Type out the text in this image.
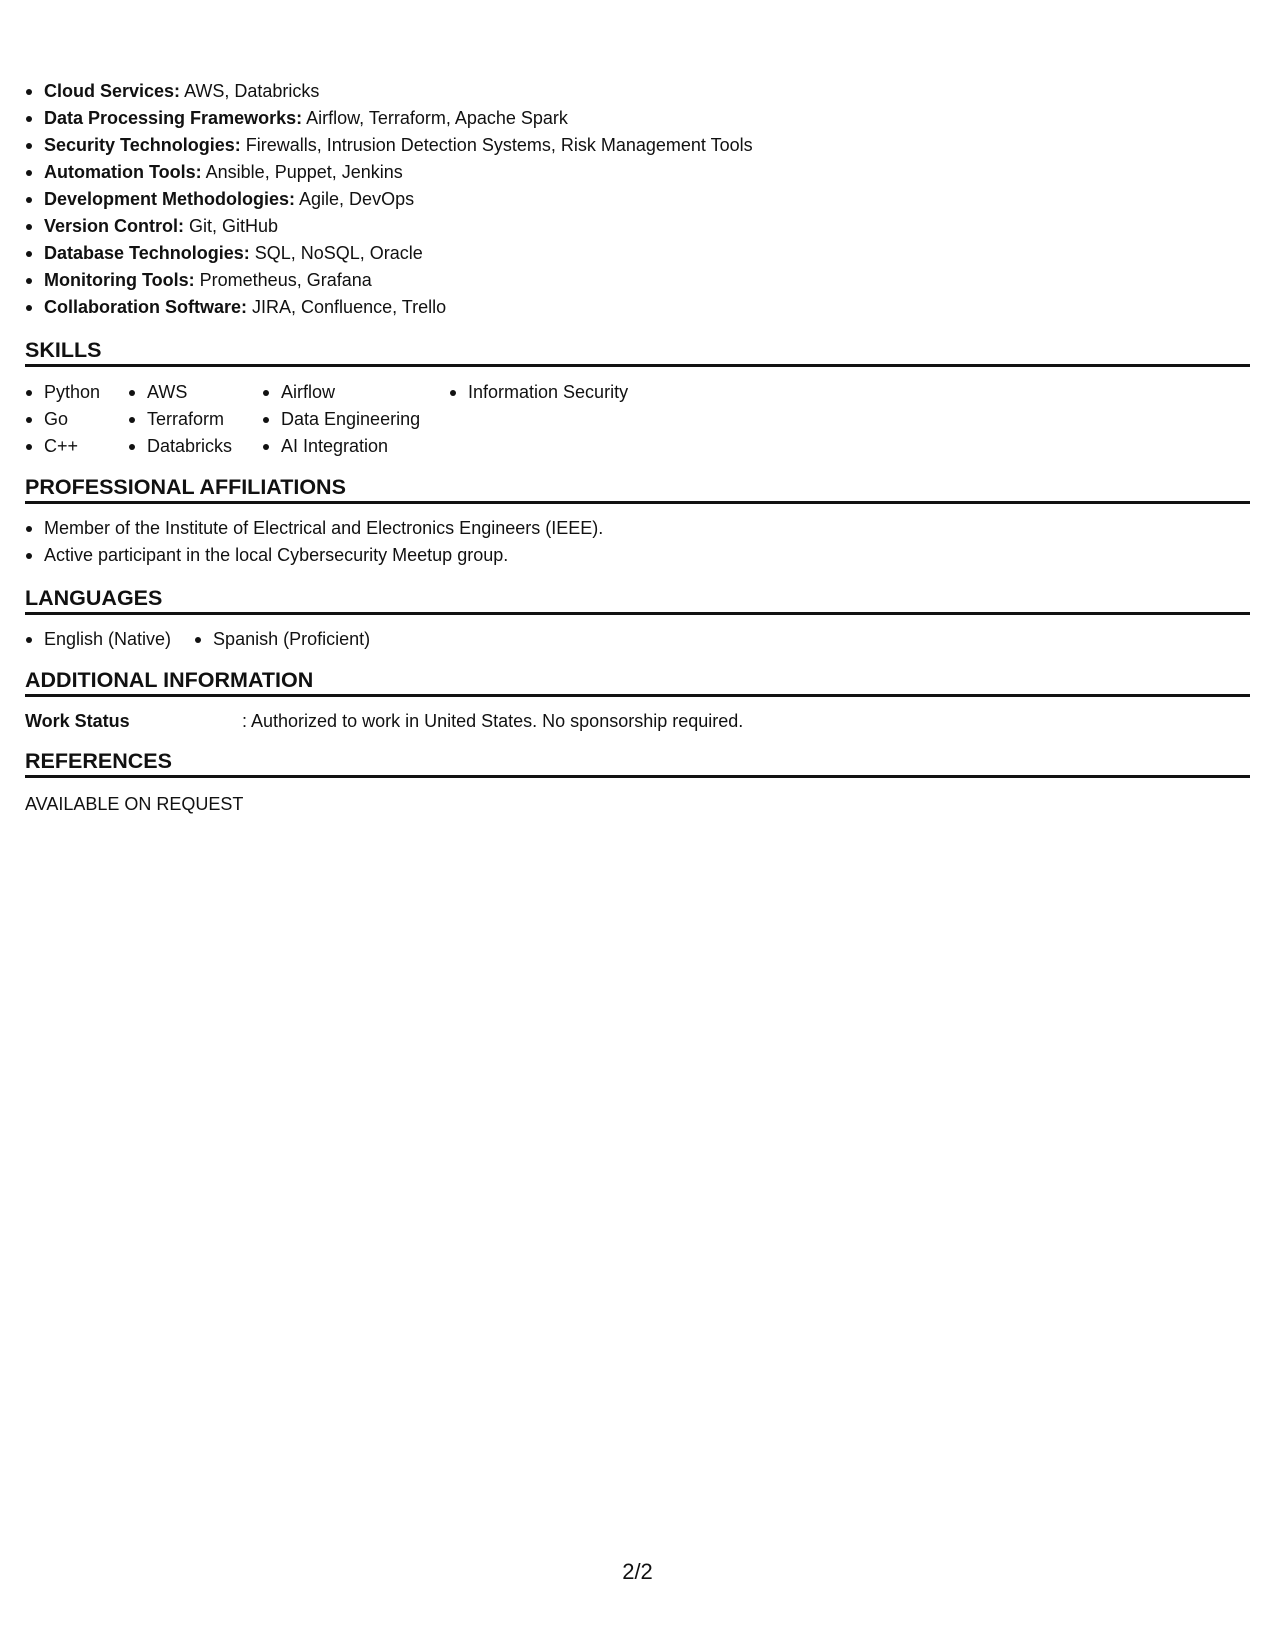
Cloud Services: AWS, Databricks
Data Processing Frameworks: Airflow, Terraform, Apache Spark
Security Technologies: Firewalls, Intrusion Detection Systems, Risk Management Tools
Automation Tools: Ansible, Puppet, Jenkins
Development Methodologies: Agile, DevOps
Version Control: Git, GitHub
Database Technologies: SQL, NoSQL, Oracle
Monitoring Tools: Prometheus, Grafana
Collaboration Software: JIRA, Confluence, Trello
SKILLS
Python
Go
C++
AWS
Terraform
Databricks
Airflow
Data Engineering
AI Integration
Information Security
PROFESSIONAL AFFILIATIONS
Member of the Institute of Electrical and Electronics Engineers (IEEE).
Active participant in the local Cybersecurity Meetup group.
LANGUAGES
English (Native)	Spanish (Proficient)
ADDITIONAL INFORMATION
Work Status	: Authorized to work in United States. No sponsorship required.
REFERENCES
AVAILABLE ON REQUEST
2/2
